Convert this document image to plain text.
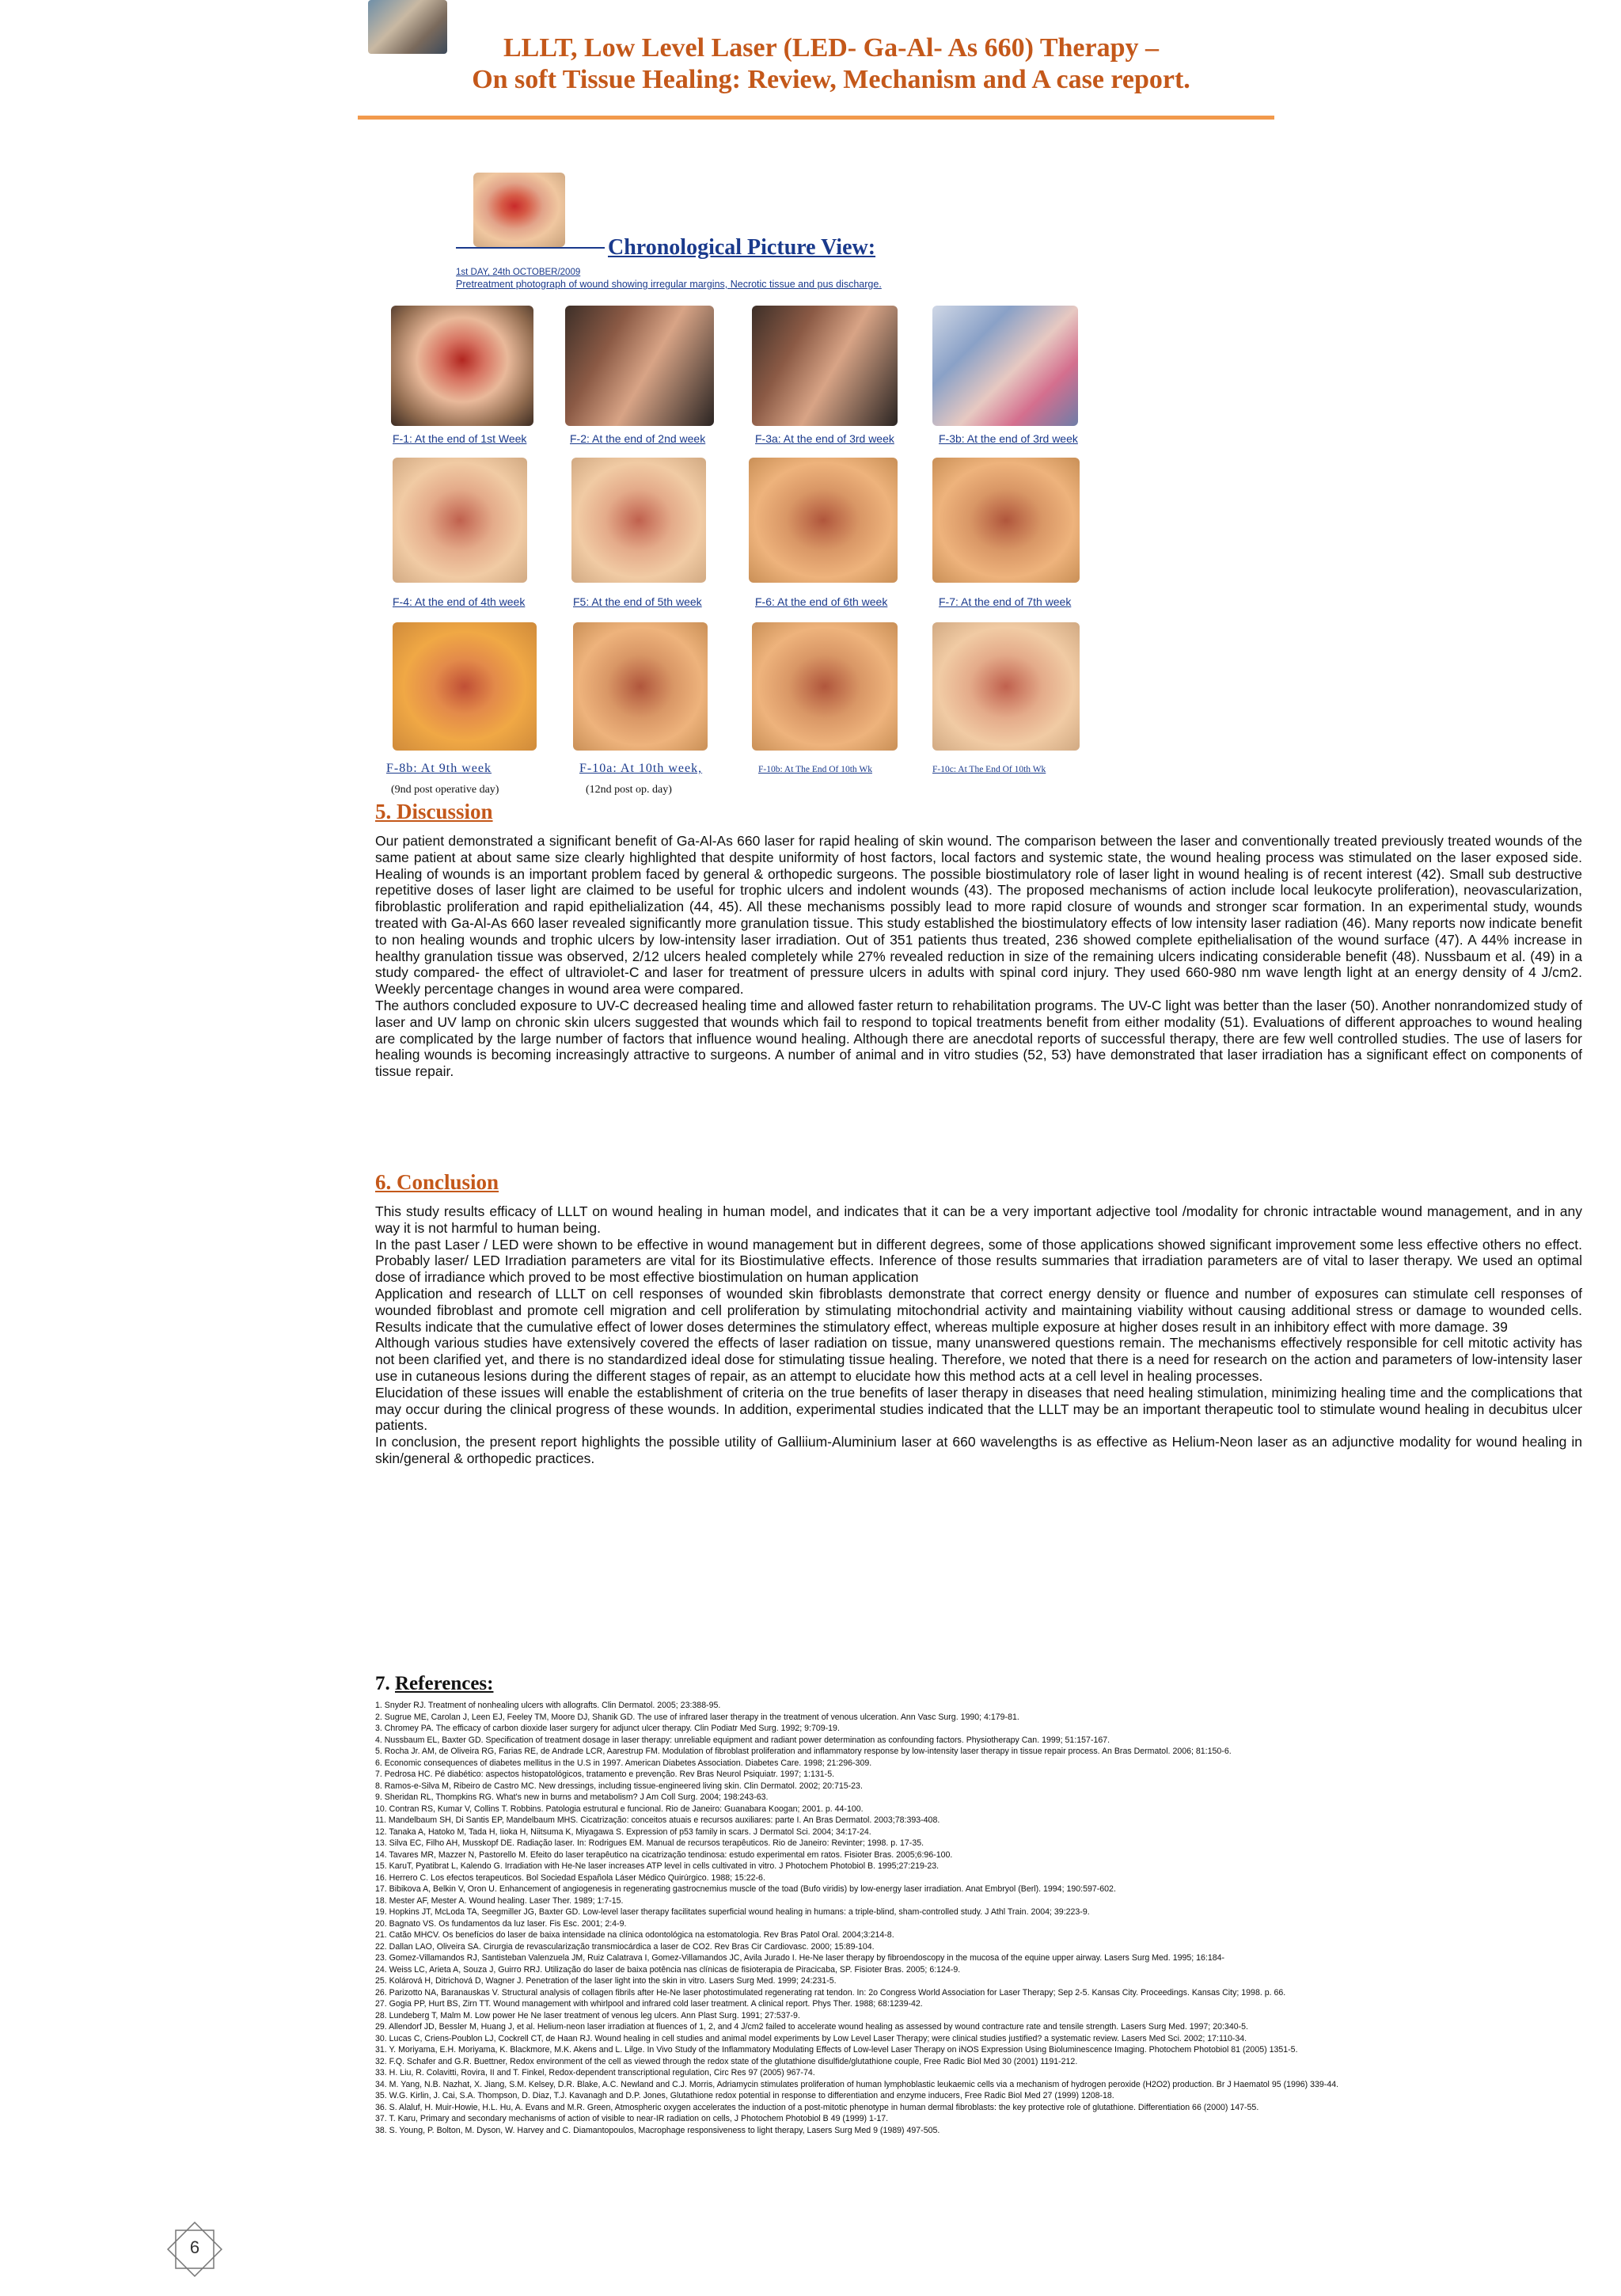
LLLT, Low Level Laser (LED- Ga-Al- As 660) Therapy –
On soft Tissue Healing: Review, Mechanism and A case report.
Chronological Picture View:
1st DAY, 24th OCTOBER/2009
Pretreatment photograph of wound showing irregular margins, Necrotic tissue and pus discharge.
F-1: At the end of 1st Week	F-2: At the end of 2nd week	F-3a: At the end of 3rd week	F-3b: At the end of 3rd week
F-4: At the end of 4th week	F5: At the end of 5th week	F-6: At the end of 6th week	F-7: At the end of 7th week
F-8b: At 9th week	F-10a: At 10th week,	F-10b: At The End Of 10th Wk	F-10c: At The End Of 10th Wk
(9nd post operative day)	(12nd post op. day)
5. Discussion

Our patient demonstrated a significant benefit of Ga-Al-As 660 laser for rapid healing of skin wound. The comparison between the laser and conventionally treated previously treated wounds of the same patient at about same size clearly highlighted that despite uniformity of host factors, local factors and systemic state, the wound healing process was stimulated on the laser exposed side. Healing of wounds is an important problem faced by general & orthopedic surgeons. The possible biostimulatory role of laser light in wound healing is of recent interest (42). Small sub destructive repetitive doses of laser light are claimed to be useful for trophic ulcers and indolent wounds (43). The proposed mechanisms of action include local leukocyte proliferation), neovascularization, fibroblastic proliferation and rapid epithelialization (44, 45). All these mechanisms possibly lead to more rapid closure of wounds and stronger scar formation. In an experimental study, wounds treated with Ga-Al-As 660 laser revealed significantly more granulation tissue. This study established the biostimulatory effects of low intensity laser radiation (46). Many reports now indicate benefit to non healing wounds and trophic ulcers by low-intensity laser irradiation. Out of 351 patients thus treated, 236 showed complete epithelialisation of the wound surface (47). A 44% increase in healthy granulation tissue was observed, 2/12 ulcers healed completely while 27% revealed reduction in size of the remaining ulcers indicating considerable benefit (48). Nussbaum et al. (49) in a study compared- the effect of ultraviolet-C and laser for treatment of pressure ulcers in adults with spinal cord injury. They used 660-980 nm wave length light at an energy density of 4 J/cm2. Weekly percentage changes in wound area were compared.

The authors concluded exposure to UV-C decreased healing time and allowed faster return to rehabilitation programs. The UV-C light was better than the laser (50). Another nonrandomized study of laser and UV lamp on chronic skin ulcers suggested that wounds which fail to respond to topical treatments benefit from either modality (51). Evaluations of different approaches to wound healing are complicated by the large number of factors that influence wound healing. Although there are anecdotal reports of successful therapy, there are few well controlled studies. The use of lasers for healing wounds is becoming increasingly attractive to surgeons. A number of animal and in vitro studies (52, 53) have demonstrated that laser irradiation has a significant effect on components of tissue repair.

6. Conclusion

This study results efficacy of LLLT on wound healing in human model, and indicates that it can be a very important adjective tool /modality for chronic intractable wound management, and in any way it is not harmful to human being.

In the past Laser / LED were shown to be effective in wound management but in different degrees, some of those applications showed significant improvement some less effective others no effect. Probably laser/ LED Irradiation parameters are vital for its Biostimulative effects. Inference of those results summaries that irradiation parameters are of vital to laser therapy. We used an optimal dose of irradiance which proved to be most effective biostimulation on human application

Application and research of LLLT on cell responses of wounded skin fibroblasts demonstrate that correct energy density or fluence and number of exposures can stimulate cell responses of wounded fibroblast and promote cell migration and cell proliferation by stimulating mitochondrial activity and maintaining viability without causing additional stress or damage to wounded cells. Results indicate that the cumulative effect of lower doses determines the stimulatory effect, whereas multiple exposure at higher doses result in an inhibitory effect with more damage. 39

Although various studies have extensively covered the effects of laser radiation on tissue, many unanswered questions remain. The mechanisms effectively responsible for cell mitotic activity has not been clarified yet, and there is no standardized ideal dose for stimulating tissue healing. Therefore, we noted that there is a need for research on the action and parameters of low-intensity laser use in cutaneous lesions during the different stages of repair, as an attempt to elucidate how this method acts at a cell level in healing processes.

Elucidation of these issues will enable the establishment of criteria on the true benefits of laser therapy in diseases that need healing stimulation, minimizing healing time and the complications that may occur during the clinical progress of these wounds. In addition, experimental studies indicated that the LLLT may be an important therapeutic tool to stimulate wound healing in decubitus ulcer patients.

In conclusion, the present report highlights the possible utility of Galliium-Aluminium laser at 660 wavelengths is as effective as Helium-Neon laser as an adjunctive modality for wound healing in skin/general & orthopedic practices.

7. References:
1. Snyder RJ. Treatment of nonhealing ulcers with allografts. Clin Dermatol. 2005; 23:388-95.
2. Sugrue ME, Carolan J, Leen EJ, Feeley TM, Moore DJ, Shanik GD. The use of infrared laser therapy in the treatment of venous ulceration. Ann Vasc Surg. 1990; 4:179-81.
3. Chromey PA. The efficacy of carbon dioxide laser surgery for adjunct ulcer therapy. Clin Podiatr Med Surg. 1992; 9:709-19.
4. Nussbaum EL, Baxter GD. Specification of treatment dosage in laser therapy: unreliable equipment and radiant power determination as confounding factors. Physiotherapy Can. 1999; 51:157-167.
5. Rocha Jr. AM, de Oliveira RG, Farias RE, de Andrade LCR, Aarestrup FM. Modulation of fibroblast proliferation and inflammatory response by low-intensity laser therapy in tissue repair process. An Bras Dermatol. 2006; 81:150-6.
6. Economic consequences of diabetes mellitus in the U.S in 1997. American Diabetes Association. Diabetes Care. 1998; 21:296-309.
7. Pedrosa HC. Pé diabético: aspectos histopatológicos, tratamento e prevenção. Rev Bras Neurol Psiquiatr. 1997; 1:131-5.
8. Ramos-e-Silva M, Ribeiro de Castro MC. New dressings, including tissue-engineered living skin. Clin Dermatol. 2002; 20:715-23.
9. Sheridan RL, Thompkins RG. What's new in burns and metabolism? J Am Coll Surg. 2004; 198:243-63.
10. Contran RS, Kumar V, Collins T. Robbins. Patologia estrutural e funcional. Rio de Janeiro: Guanabara Koogan; 2001. p. 44-100.
11. Mandelbaum SH, Di Santis EP, Mandelbaum MHS. Cicatrização: conceitos atuais e recursos auxiliares: parte I. An Bras Dermatol. 2003;78:393-408.
12. Tanaka A, Hatoko M, Tada H, Iioka H, Niitsuma K, Miyagawa S. Expression of p53 family in scars. J Dermatol Sci. 2004; 34:17-24.
13. Silva EC, Filho AH, Musskopf DE. Radiação laser. In: Rodrigues EM. Manual de recursos terapêuticos. Rio de Janeiro: Revinter; 1998. p. 17-35.
14. Tavares MR, Mazzer N, Pastorello M. Efeito do laser terapêutico na cicatrização tendinosa: estudo experimental em ratos. Fisioter Bras. 2005;6:96-100.
15. KaruT, Pyatibrat L, Kalendo G. Irradiation with He-Ne laser increases ATP level in cells cultivated in vitro. J Photochem Photobiol B. 1995;27:219-23.
16. Herrero C. Los efectos terapeuticos. Bol Sociedad Española Láser Médico Quirúrgico. 1988; 15:22-6.
17. Bibikova A, Belkin V, Oron U. Enhancement of angiogenesis in regenerating gastrocnemius muscle of the toad (Bufo viridis) by low-energy laser irradiation. Anat Embryol (Berl). 1994; 190:597-602.
18. Mester AF, Mester A. Wound healing. Laser Ther. 1989; 1:7-15.
19. Hopkins JT, McLoda TA, Seegmiller JG, Baxter GD. Low-level laser therapy facilitates superficial wound healing in humans: a triple-blind, sham-controlled study. J Athl Train. 2004; 39:223-9.
20. Bagnato VS. Os fundamentos da luz laser. Fis Esc. 2001; 2:4-9.
21. Catão MHCV. Os benefícios do laser de baixa intensidade na clínica odontológica na estomatologia. Rev Bras Patol Oral. 2004;3:214-8.
22. Dallan LAO, Oliveira SA. Cirurgia de revascularização transmiocárdica a laser de CO2. Rev Bras Cir Cardiovasc. 2000; 15:89-104.
23. Gomez-Villamandos RJ, Santisteban Valenzuela JM, Ruiz Calatrava I, Gomez-Villamandos JC, Avila Jurado I. He-Ne laser therapy by fibroendoscopy in the mucosa of the equine upper airway. Lasers Surg Med. 1995; 16:184-
24. Weiss LC, Arieta A, Souza J, Guirro RRJ. Utilização do laser de baixa potência nas clínicas de fisioterapia de Piracicaba, SP. Fisioter Bras. 2005; 6:124-9.
25. Kolárová H, Ditrichová D, Wagner J. Penetration of the laser light into the skin in vitro. Lasers Surg Med. 1999; 24:231-5.
26. Parizotto NA, Baranauskas V. Structural analysis of collagen fibrils after He-Ne laser photostimulated regenerating rat tendon. In: 2o Congress World Association for Laser Therapy; Sep 2-5. Kansas City. Proceedings. Kansas City; 1998. p. 66.
27. Gogia PP, Hurt BS, Zirn TT. Wound management with whirlpool and infrared cold laser treatment. A clinical report. Phys Ther. 1988; 68:1239-42.
28. Lundeberg T, Malm M. Low power He Ne laser treatment of venous leg ulcers. Ann Plast Surg. 1991; 27:537-9.
29. Allendorf JD, Bessler M, Huang J, et al. Helium-neon laser irradiation at fluences of 1, 2, and 4 J/cm2 failed to accelerate wound healing as assessed by wound contracture rate and tensile strength. Lasers Surg Med. 1997; 20:340-5.
30. Lucas C, Criens-Poublon LJ, Cockrell CT, de Haan RJ. Wound healing in cell studies and animal model experiments by Low Level Laser Therapy; were clinical studies justified? a systematic review. Lasers Med Sci. 2002; 17:110-34.
31. Y. Moriyama, E.H. Moriyama, K. Blackmore, M.K. Akens and L. Lilge. In Vivo Study of the Inflammatory Modulating Effects of Low-level Laser Therapy on iNOS Expression Using Bioluminescence Imaging. Photochem Photobiol 81 (2005) 1351-5.
32. F.Q. Schafer and G.R. Buettner, Redox environment of the cell as viewed through the redox state of the glutathione disulfide/glutathione couple, Free Radic Biol Med 30 (2001) 1191-212.
33. H. Liu, R. Colavitti, Rovira, II and T. Finkel, Redox-dependent transcriptional regulation, Circ Res 97 (2005) 967-74.
34. M. Yang, N.B. Nazhat, X. Jiang, S.M. Kelsey, D.R. Blake, A.C. Newland and C.J. Morris, Adriamycin stimulates proliferation of human lymphoblastic leukaemic cells via a mechanism of hydrogen peroxide (H2O2) production. Br J Haematol 95 (1996) 339-44.
35. W.G. Kirlin, J. Cai, S.A. Thompson, D. Diaz, T.J. Kavanagh and D.P. Jones, Glutathione redox potential in response to differentiation and enzyme inducers, Free Radic Biol Med 27 (1999) 1208-18.
36. S. Alaluf, H. Muir-Howie, H.L. Hu, A. Evans and M.R. Green, Atmospheric oxygen accelerates the induction of a post-mitotic phenotype in human dermal fibroblasts: the key protective role of glutathione. Differentiation 66 (2000) 147-55.
37. T. Karu, Primary and secondary mechanisms of action of visible to near-IR radiation on cells, J Photochem Photobiol B 49 (1999) 1-17.
38. S. Young, P. Bolton, M. Dyson, W. Harvey and C. Diamantopoulos, Macrophage responsiveness to light therapy, Lasers Surg Med 9 (1989) 497-505.
6
